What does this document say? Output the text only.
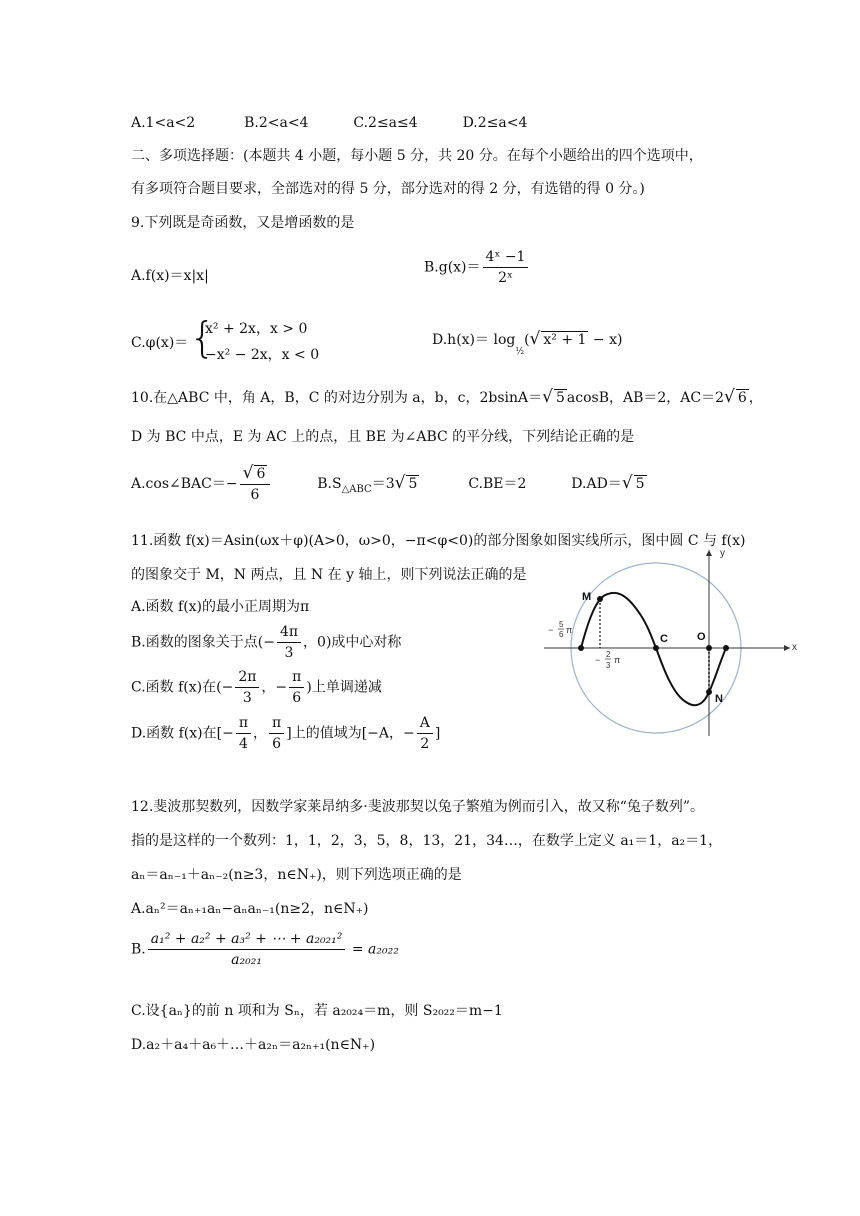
A.1<a<2	B.2<a<4	C.2≤a≤4	D.2≤a<4
二、多项选择题：(本题共 4 小题，每小题 5 分，共 20 分。在每个小题给出的四个选项中，
有多项符合题目要求，全部选对的得 5 分，部分选对的得 2 分，有选错的得 0 分。)
9.下列既是奇函数，又是增函数的是
A.f(x)＝x|x|
$B.g(x)= \frac{\text{4ˣ −1}}{\text{2ˣ}}$
C.φ(x)＝ {
x² + 2x，x > 0
−x² − 2x，x < 0
$D.h(x)= \log_{\frac{1}{2}}(√$ x² + 1 − x)
10.在△ABC 中，角 A，B，C 的对边分别为 a，b，c，2bsinA＝√ 5 acosB，AB＝2，AC＝2√ 6 ，
D 为 BC 中点，E 为 AC 上的点，且 BE 为∠ABC 的平分线，下列结论正确的是
A.cos∠BAC＝− $\frac{√ 6}{6}$	$B.S_{\triangle ABC}=3√$ 5	C.BE＝2	D.AD＝√ 5
11.函数 f(x)＝Asin(ωx＋φ)(A>0，ω>0，−π<φ<0)的部分图象如图实线所示，图中圆 C 与 f(x)
的图象交于 M，N 两点，且 N 在 y 轴上，则下列说法正确的是
A.函数 f(x)的最小正周期为π
B.函数的图象关于点(− $\frac{4\pi}{3}$ ，0)成中心对称
C.函数 f(x)在(− $\frac{2\pi}{3}$ ，− $\frac{\pi}{6}$ )上单调递减
D.函数 f(x)在[− $\frac{\pi}{4}$ ， $\frac{\pi}{6}$ ]上的值域为[−A，− $\frac{A}{2}$ ]
y
x
M
C	O
N
−
5
6 π
−
2
3
π
12.斐波那契数列，因数学家莱昂纳多·斐波那契以兔子繁殖为例而引入，故又称“兔子数列”。
指的是这样的一个数列：1，1，2，3，5，8，13，21，34…，在数学上定义 a₁＝1，a₂＝1，
aₙ＝aₙ₋₁＋aₙ₋₂(n≥3，n∈N₊)，则下列选项正确的是
A.aₙ²＝aₙ₊₁aₙ−aₙaₙ₋₁(n≥2，n∈N₊)
B. $\frac{\text{a₁² + a₂² + a₃² + ⋯ + a₂₀₂₁²}}{\text{a₂₀₂₁}} = a_{2022}$
C.设{aₙ}的前 n 项和为 Sₙ，若 a₂₀₂₄＝m，则 S₂₀₂₂＝m−1
D.a₂＋a₄＋a₆＋…＋a₂ₙ＝a₂ₙ₊₁(n∈N₊)
